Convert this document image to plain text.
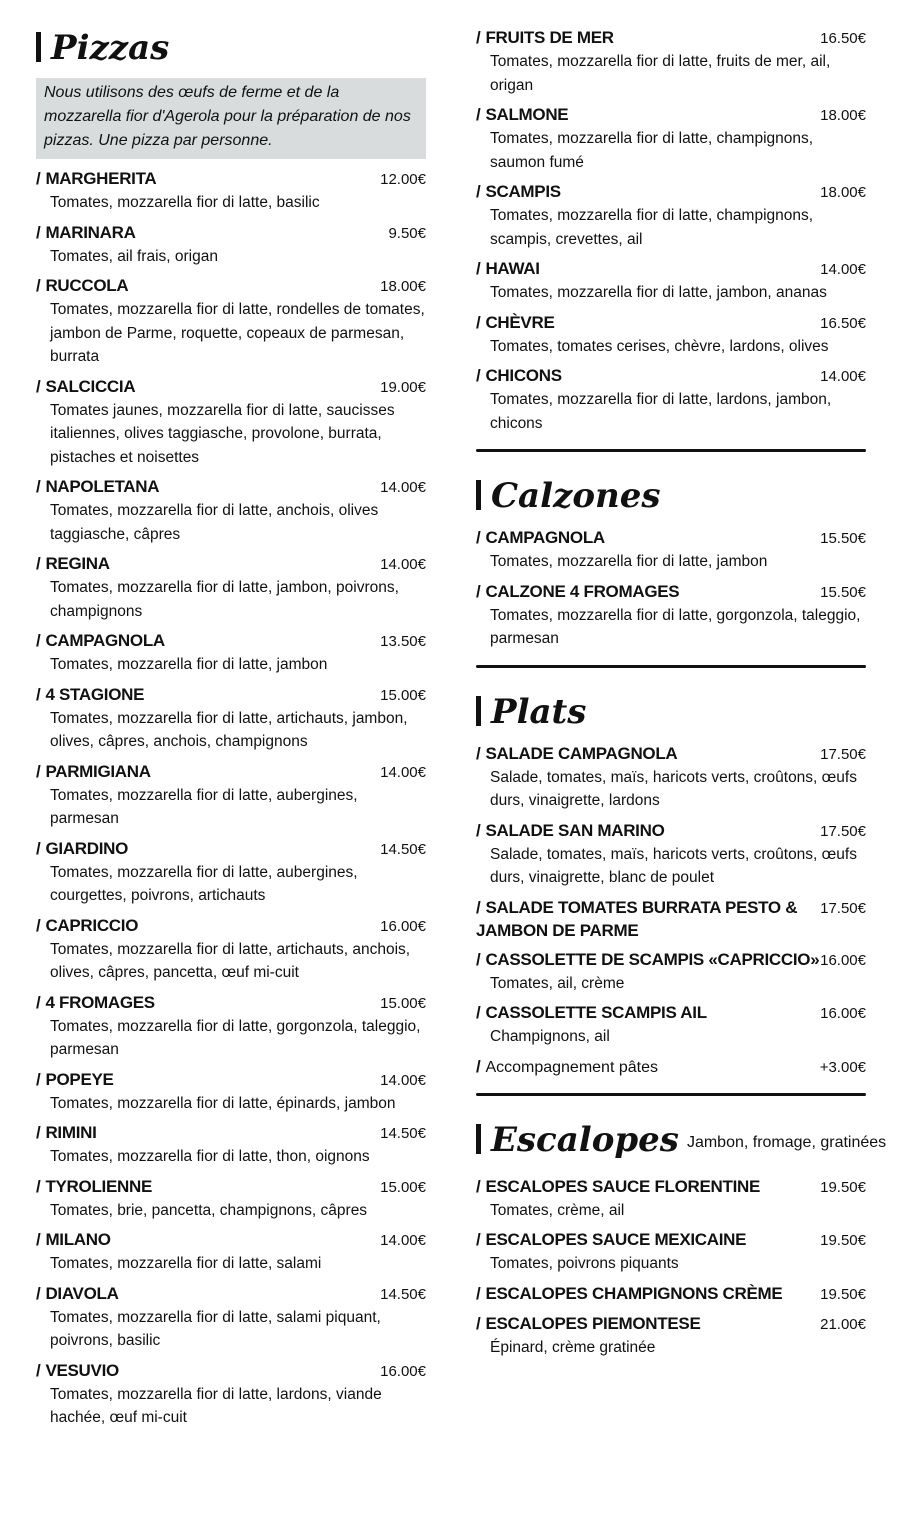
Pizzas
Nous utilisons des œufs de ferme et de la mozzarella fior d'Agerola pour la préparation de nos pizzas. Une pizza par personne.
/ MARGHERITA	12.00€
Tomates, mozzarella fior di latte, basilic
/ MARINARA	9.50€
Tomates, ail frais, origan
/ RUCCOLA	18.00€
Tomates, mozzarella fior di latte, rondelles de tomates, jambon de Parme, roquette, copeaux de parmesan, burrata
/ SALCICCIA	19.00€
Tomates jaunes, mozzarella fior di latte, saucisses italiennes, olives taggiasche, provolone, burrata, pistaches et noisettes
/ NAPOLETANA	14.00€
Tomates, mozzarella fior di latte, anchois, olives taggiasche, câpres
/ REGINA	14.00€
Tomates, mozzarella fior di latte, jambon, poivrons, champignons
/ CAMPAGNOLA	13.50€
Tomates, mozzarella fior di latte, jambon
/ 4 STAGIONE	15.00€
Tomates, mozzarella fior di latte, artichauts, jambon, olives, câpres, anchois, champignons
/ PARMIGIANA	14.00€
Tomates, mozzarella fior di latte, aubergines, parmesan
/ GIARDINO	14.50€
Tomates, mozzarella fior di latte, aubergines, courgettes, poivrons, artichauts
/ CAPRICCIO	16.00€
Tomates, mozzarella fior di latte, artichauts, anchois, olives, câpres, pancetta, œuf mi-cuit
/ 4 FROMAGES	15.00€
Tomates, mozzarella fior di latte, gorgonzola, taleggio, parmesan
/ POPEYE	14.00€
Tomates, mozzarella fior di latte, épinards, jambon
/ RIMINI	14.50€
Tomates, mozzarella fior di latte, thon, oignons
/ TYROLIENNE	15.00€
Tomates, brie, pancetta, champignons, câpres
/ MILANO	14.00€
Tomates, mozzarella fior di latte, salami
/ DIAVOLA	14.50€
Tomates, mozzarella fior di latte, salami piquant, poivrons, basilic
/ VESUVIO	16.00€
Tomates, mozzarella fior di latte, lardons, viande hachée, œuf mi-cuit
/ FRUITS DE MER	16.50€
Tomates, mozzarella fior di latte, fruits de mer, ail, origan
/ SALMONE	18.00€
Tomates, mozzarella fior di latte, champignons, saumon fumé
/ SCAMPIS	18.00€
Tomates, mozzarella fior di latte, champignons, scampis, crevettes, ail
/ HAWAI	14.00€
Tomates, mozzarella fior di latte, jambon, ananas
/ CHÈVRE	16.50€
Tomates, tomates cerises, chèvre, lardons, olives
/ CHICONS	14.00€
Tomates, mozzarella fior di latte, lardons, jambon, chicons
Calzones
/ CAMPAGNOLA	15.50€
Tomates, mozzarella fior di latte, jambon
/ CALZONE 4 FROMAGES	15.50€
Tomates, mozzarella fior di latte, gorgonzola, taleggio, parmesan
Plats
/ SALADE CAMPAGNOLA	17.50€
Salade, tomates, maïs, haricots verts, croûtons, œufs durs, vinaigrette, lardons
/ SALADE SAN MARINO	17.50€
Salade, tomates, maïs, haricots verts, croûtons, œufs durs, vinaigrette, blanc de poulet
/ SALADE TOMATES BURRATA PESTO & JAMBON DE PARME
17.50€
/ CASSOLETTE DE SCAMPIS «CAPRICCIO» 16.00€
Tomates, ail, crème
/ CASSOLETTE SCAMPIS AIL	16.00€
Champignons, ail
/ Accompagnement pâtes	+3.00€
Escalopes $^{Jambon, fromage, gratinées}$
/ ESCALOPES SAUCE FLORENTINE	19.50€
Tomates, crème, ail
/ ESCALOPES SAUCE MEXICAINE	19.50€
Tomates, poivrons piquants
/ ESCALOPES CHAMPIGNONS CRÈME	19.50€
/ ESCALOPES PIEMONTESE	21.00€
Épinard, crème gratinée
